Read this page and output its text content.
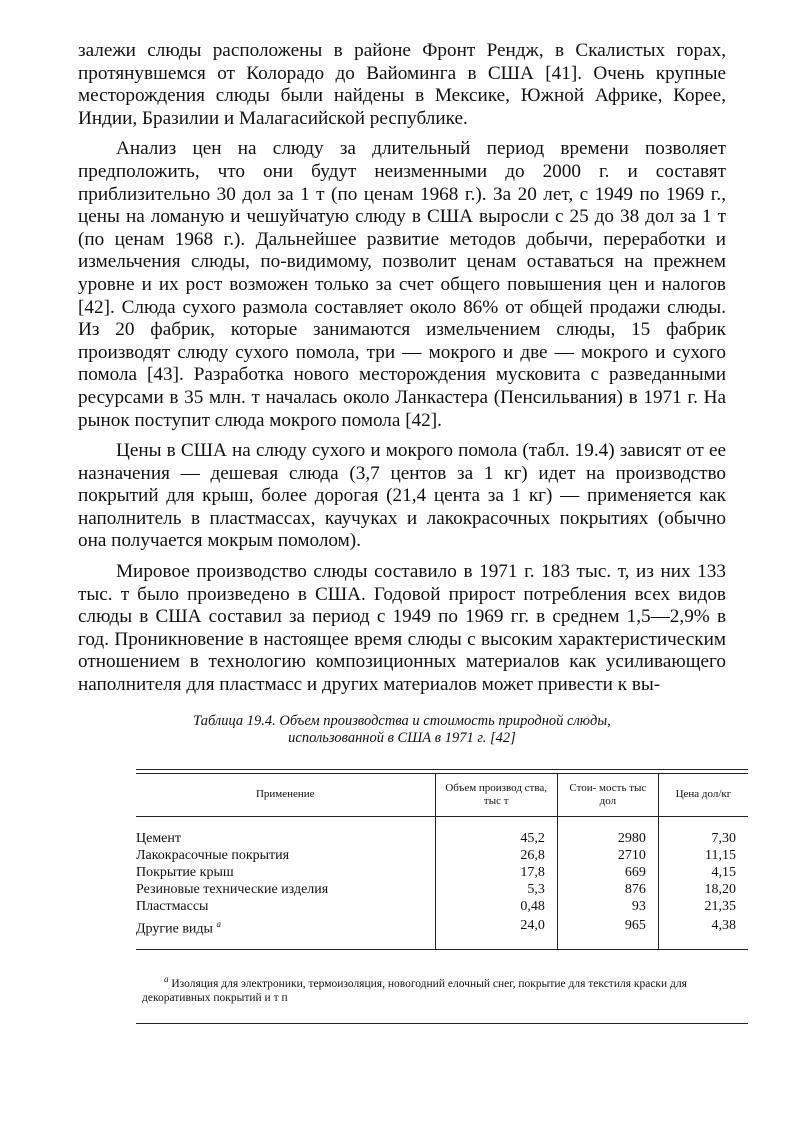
залежи слюды расположены в районе Фронт Рендж, в Скалистых горах, протянувшемся от Колорадо до Вайоминга в США [41]. Очень крупные месторождения слюды были найдены в Мексике, Южной Африке, Корее, Индии, Бразилии и Малагасийской республике.

Анализ цен на слюду за длительный период времени позволяет предположить, что они будут неизменными до 2000 г. и составят приблизительно 30 дол за 1 т (по ценам 1968 г.). За 20 лет, с 1949 по 1969 г., цены на ломаную и чешуйчатую слюду в США выросли с 25 до 38 дол за 1 т (по ценам 1968 г.). Дальнейшее развитие методов добычи, переработки и измельчения слюды, по-видимому, позволит ценам оставаться на прежнем уровне и их рост возможен только за счет общего повышения цен и налогов [42]. Слюда сухого размола составляет около 86% от общей продажи слюды. Из 20 фабрик, которые занимаются измельчением слюды, 15 фабрик производят слюду сухого помола, три — мокрого и две — мокрого и сухого помола [43]. Разработка нового месторождения мусковита с разведанными ресурсами в 35 млн. т началась около Ланкастера (Пенсильвания) в 1971 г. На рынок поступит слюда мокрого помола [42].

Цены в США на слюду сухого и мокрого помола (табл. 19.4) зависят от ее назначения — дешевая слюда (3,7 центов за 1 кг) идет на производство покрытий для крыш, более дорогая (21,4 цента за 1 кг) — применяется как наполнитель в пластмассах, каучуках и лакокрасочных покрытиях (обычно она получается мокрым помолом).

Мировое производство слюды составило в 1971 г. 183 тыс. т, из них 133 тыс. т было произведено в США. Годовой прирост потребления всех видов слюды в США составил за период с 1949 по 1969 гг. в среднем 1,5—2,9% в год. Проникновение в настоящее время слюды с высоким характеристическим отношением в технологию композиционных материалов как усиливающего наполнителя для пластмасс и других материалов может привести к вы-

Таблица 19.4. Объем производства и стоимость природной слюды,
использованной в США в 1971 г. [42]
Применение	Объем производ ства, тыс т	Стои- мость тыс дол	Цена дол/кг
Цемент	45,2	2980	7,30
Лакокрасочные покрытия	26,8	2710	11,15
Покрытие крыш	17,8	669	4,15
Резиновые технические изделия	5,3	876	18,20
Пластмассы	0,48	93	21,35
Другие виды $^а$	24,0	965	4,38
$^а$ Изоляция для электроники, термоизоляция, новогодний елочный снег, покрытие для текстиля краски для декоративных покрытий и т п
